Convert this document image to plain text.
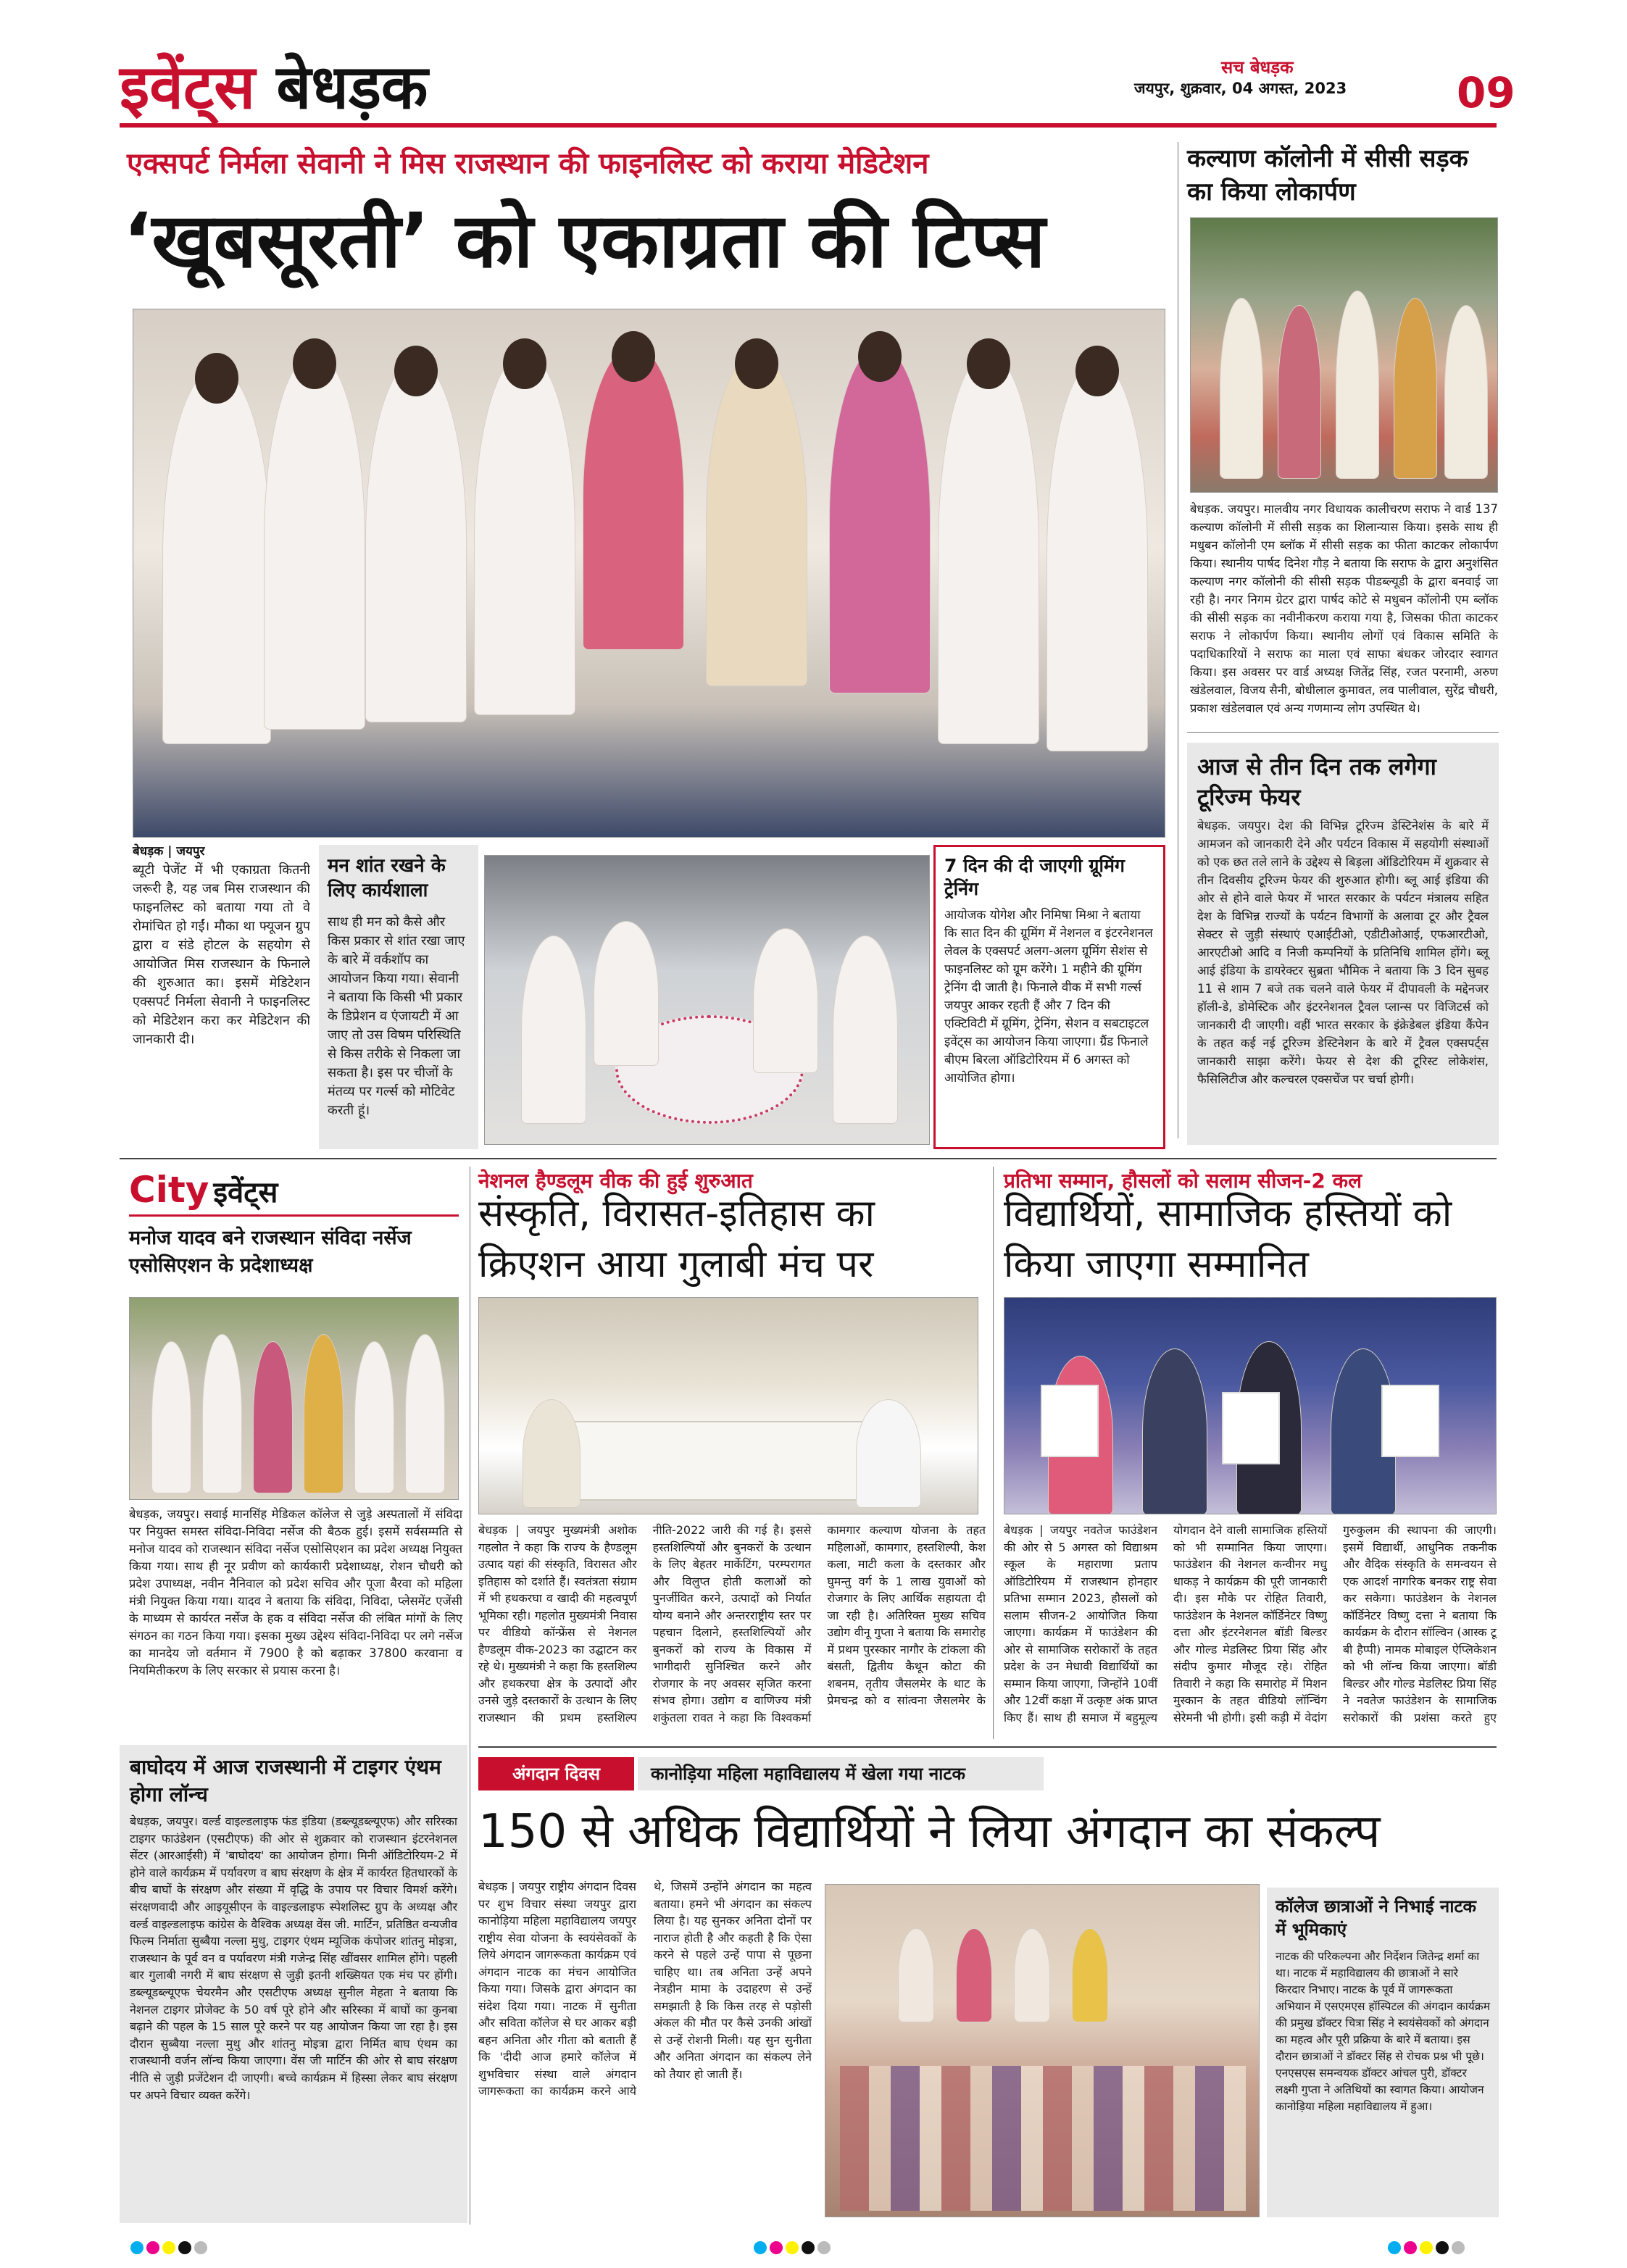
इवेंट्स बेधड़क	सच बेधड़क
जयपुर, शुक्रवार, 04 अगस्त, 2023	09
एक्सपर्ट निर्मला सेवानी ने मिस राजस्थान की फाइनलिस्ट को कराया मेडिटेशन
‘खूबसूरती’ को एकाग्रता की टिप्स
बेधड़क | जयपुर
ब्यूटी पेजेंट में भी एकाग्रता कितनी जरूरी है, यह जब मिस राजस्थान की फाइनलिस्ट को बताया गया तो वे रोमांचित हो गईं। मौका था फ्यूजन ग्रुप द्वारा व संडे होटल के सहयोग से आयोजित मिस राजस्थान के फिनाले की शुरुआत का। इसमें मेडिटेशन एक्सपर्ट निर्मला सेवानी ने फाइनलिस्ट को मेडिटेशन करा कर मेडिटेशन की जानकारी दी।
मन शांत रखने के लिए कार्यशाला
साथ ही मन को कैसे और किस प्रकार से शांत रखा जाए के बारे में वर्कशॉप का आयोजन किया गया। सेवानी ने बताया कि किसी भी प्रकार के डिप्रेशन व एंजायटी में आ जाए तो उस विषम परिस्थिति से किस तरीके से निकला जा सकता है। इस पर चीजों के मंतव्य पर गर्ल्स को मोटिवेट करती हूं।
7 दिन की दी जाएगी ग्रूमिंग ट्रेनिंग
आयोजक योगेश और निमिषा मिश्रा ने बताया कि सात दिन की ग्रूमिंग में नेशनल व इंटरनेशनल लेवल के एक्सपर्ट अलग-अलग ग्रूमिंग सेशंस से फाइनलिस्ट को ग्रूम करेंगे। 1 महीने की ग्रूमिंग ट्रेनिंग दी जाती है। फिनाले वीक में सभी गर्ल्स जयपुर आकर रहती हैं और 7 दिन की एक्टिविटी में ग्रूमिंग, ट्रेनिंग, सेशन व सबटाइटल इवेंट्स का आयोजन किया जाएगा। ग्रैंड फिनाले बीएम बिरला ऑडिटोरियम में 6 अगस्त को आयोजित होगा।
कल्याण कॉलोनी में सीसी सड़क का किया लोकार्पण
बेधड़क. जयपुर। मालवीय नगर विधायक कालीचरण सराफ ने वार्ड 137 कल्याण कॉलोनी में सीसी सड़क का शिलान्यास किया। इसके साथ ही मधुबन कॉलोनी एम ब्लॉक में सीसी सड़क का फीता काटकर लोकार्पण किया। स्थानीय पार्षद दिनेश गौड़ ने बताया कि सराफ के द्वारा अनुशंसित कल्याण नगर कॉलोनी की सीसी सड़क पीडब्ल्यूडी के द्वारा बनवाई जा रही है। नगर निगम ग्रेटर द्वारा पार्षद कोटे से मधुबन कॉलोनी एम ब्लॉक की सीसी सड़क का नवीनीकरण कराया गया है, जिसका फीता काटकर सराफ ने लोकार्पण किया। स्थानीय लोगों एवं विकास समिति के पदाधिकारियों ने सराफ का माला एवं साफा बंधकर जोरदार स्वागत किया। इस अवसर पर वार्ड अध्यक्ष जितेंद्र सिंह, रजत परनामी, अरुण खंडेलवाल, विजय सैनी, बोधीलाल कुमावत, लव पालीवाल, सुरेंद्र चौधरी, प्रकाश खंडेलवाल एवं अन्य गणमान्य लोग उपस्थित थे।
आज से तीन दिन तक लगेगा टूरिज्म फेयर
बेधड़क. जयपुर। देश की विभिन्न टूरिज्म डेस्टिनेशंस के बारे में आमजन को जानकारी देने और पर्यटन विकास में सहयोगी संस्थाओं को एक छत तले लाने के उद्देश्य से बिड़ला ऑडिटोरियम में शुक्रवार से तीन दिवसीय टूरिज्म फेयर की शुरुआत होगी। ब्लू आई इंडिया की ओर से होने वाले फेयर में भारत सरकार के पर्यटन मंत्रालय सहित देश के विभिन्न राज्यों के पर्यटन विभागों के अलावा टूर और ट्रैवल सेक्टर से जुड़ी संस्थाएं एआईटीओ, एडीटीओआई, एफआरटीओ, आरएटीओ आदि व निजी कम्पनियों के प्रतिनिधि शामिल होंगे। ब्लू आई इंडिया के डायरेक्टर सुब्रता भौमिक ने बताया कि 3 दिन सुबह 11 से शाम 7 बजे तक चलने वाले फेयर में दीपावली के मद्देनजर हॉली-डे, डोमेस्टिक और इंटरनेशनल ट्रैवल प्लान्स पर विजिटर्स को जानकारी दी जाएगी। वहीं भारत सरकार के इंक्रेडेबल इंडिया कैंपेन के तहत कई नई टूरिज्म डेस्टिनेशन के बारे में ट्रैवल एक्सपर्ट्स जानकारी साझा करेंगे। फेयर से देश की टूरिस्ट लोकेशंस, फैसिलिटीज और कल्चरल एक्सचेंज पर चर्चा होगी।
City इवेंट्स
मनोज यादव बने राजस्थान संविदा नर्सेज एसोसिएशन के प्रदेशाध्यक्ष
बेधड़क, जयपुर। सवाई मानसिंह मेडिकल कॉलेज से जुड़े अस्पतालों में संविदा पर नियुक्त समस्त संविदा-निविदा नर्सेज की बैठक हुई। इसमें सर्वसम्मति से मनोज यादव को राजस्थान संविदा नर्सेज एसोसिएशन का प्रदेश अध्यक्ष नियुक्त किया गया। साथ ही नूर प्रवीण को कार्यकारी प्रदेशाध्यक्ष, रोशन चौधरी को प्रदेश उपाध्यक्ष, नवीन नैनिवाल को प्रदेश सचिव और पूजा बैरवा को महिला मंत्री नियुक्त किया गया। यादव ने बताया कि संविदा, निविदा, प्लेसमेंट एजेंसी के माध्यम से कार्यरत नर्सेज के हक व संविदा नर्सेज की लंबित मांगों के लिए संगठन का गठन किया गया। इसका मुख्य उद्देश्य संविदा-निविदा पर लगे नर्सेज का मानदेय जो वर्तमान में 7900 है को बढ़ाकर 37800 करवाना व नियमितीकरण के लिए सरकार से प्रयास करना है।
बाघोदय में आज राजस्थानी में टाइगर एंथम होगा लॉन्च
बेधड़क, जयपुर। वर्ल्ड वाइल्डलाइफ फंड इंडिया (डब्ल्यूडब्ल्यूएफ) और सरिस्का टाइगर फाउंडेशन (एसटीएफ) की ओर से शुक्रवार को राजस्थान इंटरनेशनल सेंटर (आरआईसी) में 'बाघोदय' का आयोजन होगा। मिनी ऑडिटोरियम-2 में होने वाले कार्यक्रम में पर्यावरण व बाघ संरक्षण के क्षेत्र में कार्यरत हितधारकों के बीच बाघों के संरक्षण और संख्या में वृद्धि के उपाय पर विचार विमर्श करेंगे। संरक्षणवादी और आइयूसीएन के वाइल्डलाइफ स्पेशलिस्ट ग्रुप के अध्यक्ष और वर्ल्ड वाइल्डलाइफ कांग्रेस के वैश्विक अध्यक्ष वेंस जी. मार्टिन, प्रतिष्ठित वन्यजीव फिल्म निर्माता सुब्बैया नल्ला मुथु, टाइगर एंथम म्यूजिक कंपोजर शांतनु मोइत्रा, राजस्थान के पूर्व वन व पर्यावरण मंत्री गजेन्द्र सिंह खींवसर शामिल होंगे। पहली बार गुलाबी नगरी में बाघ संरक्षण से जुड़ी इतनी शख्सियत एक मंच पर होंगी। डब्ल्यूडब्ल्यूएफ चेयरमैन और एसटीएफ अध्यक्ष सुनील मेहता ने बताया कि नेशनल टाइगर प्रोजेक्ट के 50 वर्ष पूरे होने और सरिस्का में बाघों का कुनबा बढ़ाने की पहल के 15 साल पूरे करने पर यह आयोजन किया जा रहा है। इस दौरान सुब्बैया नल्ला मुथु और शांतनु मोइत्रा द्वारा निर्मित बाघ एंथम का राजस्थानी वर्जन लॉन्च किया जाएगा। वेंस जी मार्टिन की ओर से बाघ संरक्षण नीति से जुड़ी प्रजेंटेशन दी जाएगी। बच्चे कार्यक्रम में हिस्सा लेकर बाघ संरक्षण पर अपने विचार व्यक्त करेंगे।
नेशनल हैण्डलूम वीक की हुई शुरुआत
संस्कृति, विरासत-इतिहास का क्रिएशन आया गुलाबी मंच पर
बेधड़क | जयपुर मुख्यमंत्री अशोक गहलोत ने कहा कि राज्य के हैण्डलूम उत्पाद यहां की संस्कृति, विरासत और इतिहास को दर्शाते हैं। स्वतंत्रता संग्राम में भी हथकरघा व खादी की महत्वपूर्ण भूमिका रही। गहलोत मुख्यमंत्री निवास पर वीडियो कॉन्फ्रेंस से नेशनल हैण्डलूम वीक-2023 का उद्घाटन कर रहे थे। मुख्यमंत्री ने कहा कि हस्तशिल्प और हथकरघा क्षेत्र के उत्पादों और उनसे जुड़े दस्तकारों के उत्थान के लिए राजस्थान की प्रथम हस्तशिल्प नीति-2022 जारी की गई है। इससे हस्तशिल्पियों और बुनकरों के उत्थान के लिए बेहतर मार्केटिंग, परम्परागत और विलुप्त होती कलाओं को पुनर्जीवित करने, उत्पादों को निर्यात योग्य बनाने और अन्तरराष्ट्रीय स्तर पर पहचान दिलाने, हस्तशिल्पियों और बुनकरों को राज्य के विकास में भागीदारी सुनिश्चित करने और रोजगार के नए अवसर सृजित करना संभव होगा। उद्योग व वाणिज्य मंत्री शकुंतला रावत ने कहा कि विश्वकर्मा कामगार कल्याण योजना के तहत महिलाओं, कामगार, हस्तशिल्पी, केश कला, माटी कला के दस्तकार और घुमन्तु वर्ग के 1 लाख युवाओं को रोजगार के लिए आर्थिक सहायता दी जा रही है। अतिरिक्त मुख्य सचिव उद्योग वीनू गुप्ता ने बताया कि समारोह में प्रथम पुरस्कार नागौर के टांकला की बंसती, द्वितीय कैथून कोटा की शबनम, तृतीय जैसलमेर के थाट के प्रेमचन्द्र को व सांत्वना जैसलमेर के
प्रतिभा सम्मान, हौसलों को सलाम सीजन-2 कल
विद्यार्थियों, सामाजिक हस्तियों को किया जाएगा सम्मानित
बेधड़क | जयपुर नवतेज फाउंडेशन की ओर से 5 अगस्त को विद्याश्रम स्कूल के महाराणा प्रताप ऑडिटोरियम में राजस्थान होनहार प्रतिभा सम्मान 2023, हौसलों को सलाम सीजन-2 आयोजित किया जाएगा। कार्यक्रम में फाउंडेशन की ओर से सामाजिक सरोकारों के तहत प्रदेश के उन मेधावी विद्यार्थियों का सम्मान किया जाएगा, जिन्होंने 10वीं और 12वीं कक्षा में उत्कृष्ट अंक प्राप्त किए हैं। साथ ही समाज में बहुमूल्य योगदान देने वाली सामाजिक हस्तियों को भी सम्मानित किया जाएगा। फाउंडेशन की नेशनल कन्वीनर मधु धाकड़ ने कार्यक्रम की पूरी जानकारी दी। इस मौके पर रोहित तिवारी, फाउंडेशन के नेशनल कॉर्डिनेटर विष्णु दत्ता और इंटरनेशनल बॉडी बिल्डर और गोल्ड मेडलिस्ट प्रिया सिंह और संदीप कुमार मौजूद रहे। रोहित तिवारी ने कहा कि समारोह में मिशन मुस्कान के तहत वीडियो लॉन्चिंग सेरेमनी भी होगी। इसी कड़ी में वेदांग गुरुकुलम की स्थापना की जाएगी। इसमें विद्यार्थी, आधुनिक तकनीक और वैदिक संस्कृति के समन्वयन से एक आदर्श नागरिक बनकर राष्ट्र सेवा कर सकेगा। फाउंडेशन के नेशनल कॉर्डिनेटर विष्णु दत्ता ने बताया कि कार्यक्रम के दौरान सॉल्विन (आस्क टू बी हैप्पी) नामक मोबाइल ऐप्लिकेशन को भी लॉन्च किया जाएगा। बॉडी बिल्डर और गोल्ड मेडलिस्ट प्रिया सिंह ने नवतेज फाउंडेशन के सामाजिक सरोकारों की प्रशंसा करते हुए
अंगदान दिवस	कानोड़िया महिला महाविद्यालय में खेला गया नाटक
150 से अधिक विद्यार्थियों ने लिया अंगदान का संकल्प
बेधड़क | जयपुर राष्ट्रीय अंगदान दिवस पर शुभ विचार संस्था जयपुर द्वारा कानोड़िया महिला महाविद्यालय जयपुर राष्ट्रीय सेवा योजना के स्वयंसेवकों के लिये अंगदान जागरूकता कार्यक्रम एवं अंगदान नाटक का मंचन आयोजित किया गया। जिसके द्वारा अंगदान का संदेश दिया गया। नाटक में सुनीता और सविता कॉलेज से घर आकर बड़ी बहन अनिता और गीता को बताती हैं कि 'दीदी आज हमारे कॉलेज में शुभविचार संस्था वाले अंगदान जागरूकता का कार्यक्रम करने आये थे, जिसमें उन्होंने अंगदान का महत्व बताया। हमने भी अंगदान का संकल्प लिया है। यह सुनकर अनिता दोनों पर नाराज होती है और कहती है कि ऐसा करने से पहले उन्हें पापा से पूछना चाहिए था। तब अनिता उन्हें अपने नेत्रहीन मामा के उदाहरण से उन्हें समझाती है कि किस तरह से पड़ोसी अंकल की मौत पर कैसे उनकी आंखों से उन्हें रोशनी मिली। यह सुन सुनीता और अनिता अंगदान का संकल्प लेने को तैयार हो जाती हैं।
कॉलेज छात्राओं ने निभाई नाटक में भूमिकाएं
नाटक की परिकल्पना और निर्देशन जितेन्द्र शर्मा का था। नाटक में महाविद्यालय की छात्राओं ने सारे किरदार निभाए। नाटक के पूर्व में जागरूकता अभियान में एसएमएस हॉस्पिटल की अंगदान कार्यक्रम की प्रमुख डॉक्टर चित्रा सिंह ने स्वयंसेवकों को अंगदान का महत्व और पूरी प्रक्रिया के बारे में बताया। इस दौरान छात्राओं ने डॉक्टर सिंह से रोचक प्रश्न भी पूछे। एनएसएस समन्वयक डॉक्टर आंचल पुरी, डॉक्टर लक्ष्मी गुप्ता ने अतिथियों का स्वागत किया। आयोजन कानोड़िया महिला महाविद्यालय में हुआ।
